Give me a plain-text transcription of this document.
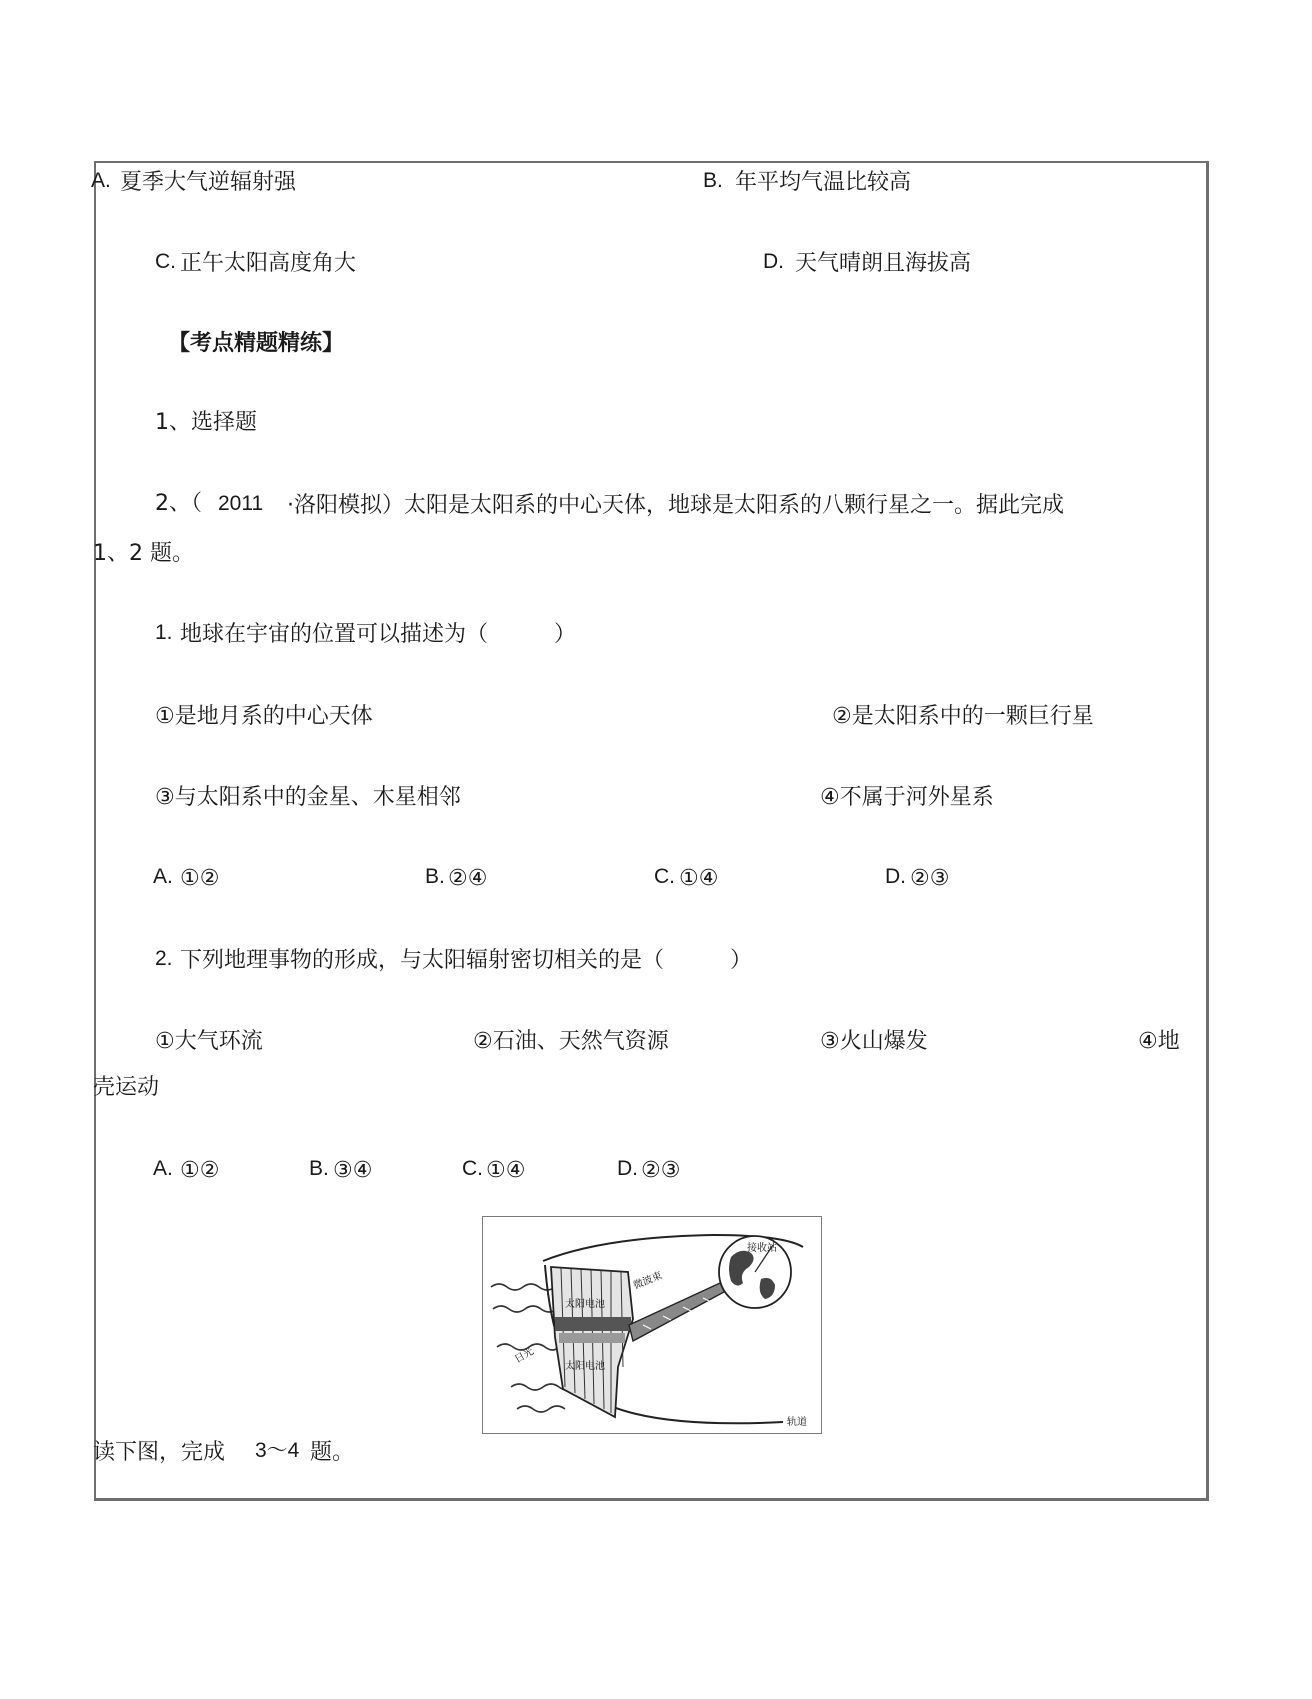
A. 夏季大气逆辐射强	B. 年平均气温比较高
C. 正午太阳高度角大	D. 天气晴朗且海拔高
【考点精题精练】
1、选择题
2、（ 2011 ·洛阳模拟）太阳是太阳系的中心天体，地球是太阳系的八颗行星之一。据此完成
1、2 题。
1. 地球在宇宙的位置可以描述为（　　　）
①是地月系的中心天体	②是太阳系中的一颗巨行星
③与太阳系中的金星、木星相邻	④不属于河外星系
A. ①②	B. ②④	C. ①④	D. ②③
2. 下列地理事物的形成，与太阳辐射密切相关的是（　　　）
①大气环流	②石油、天然气资源	③火山爆发	④地
壳运动
A. ①②	B. ③④	C. ①④	D. ②③
微波束
太阳电池
太阳电池
日光
接收站
轨道
读下图，完成 3～4 题。
